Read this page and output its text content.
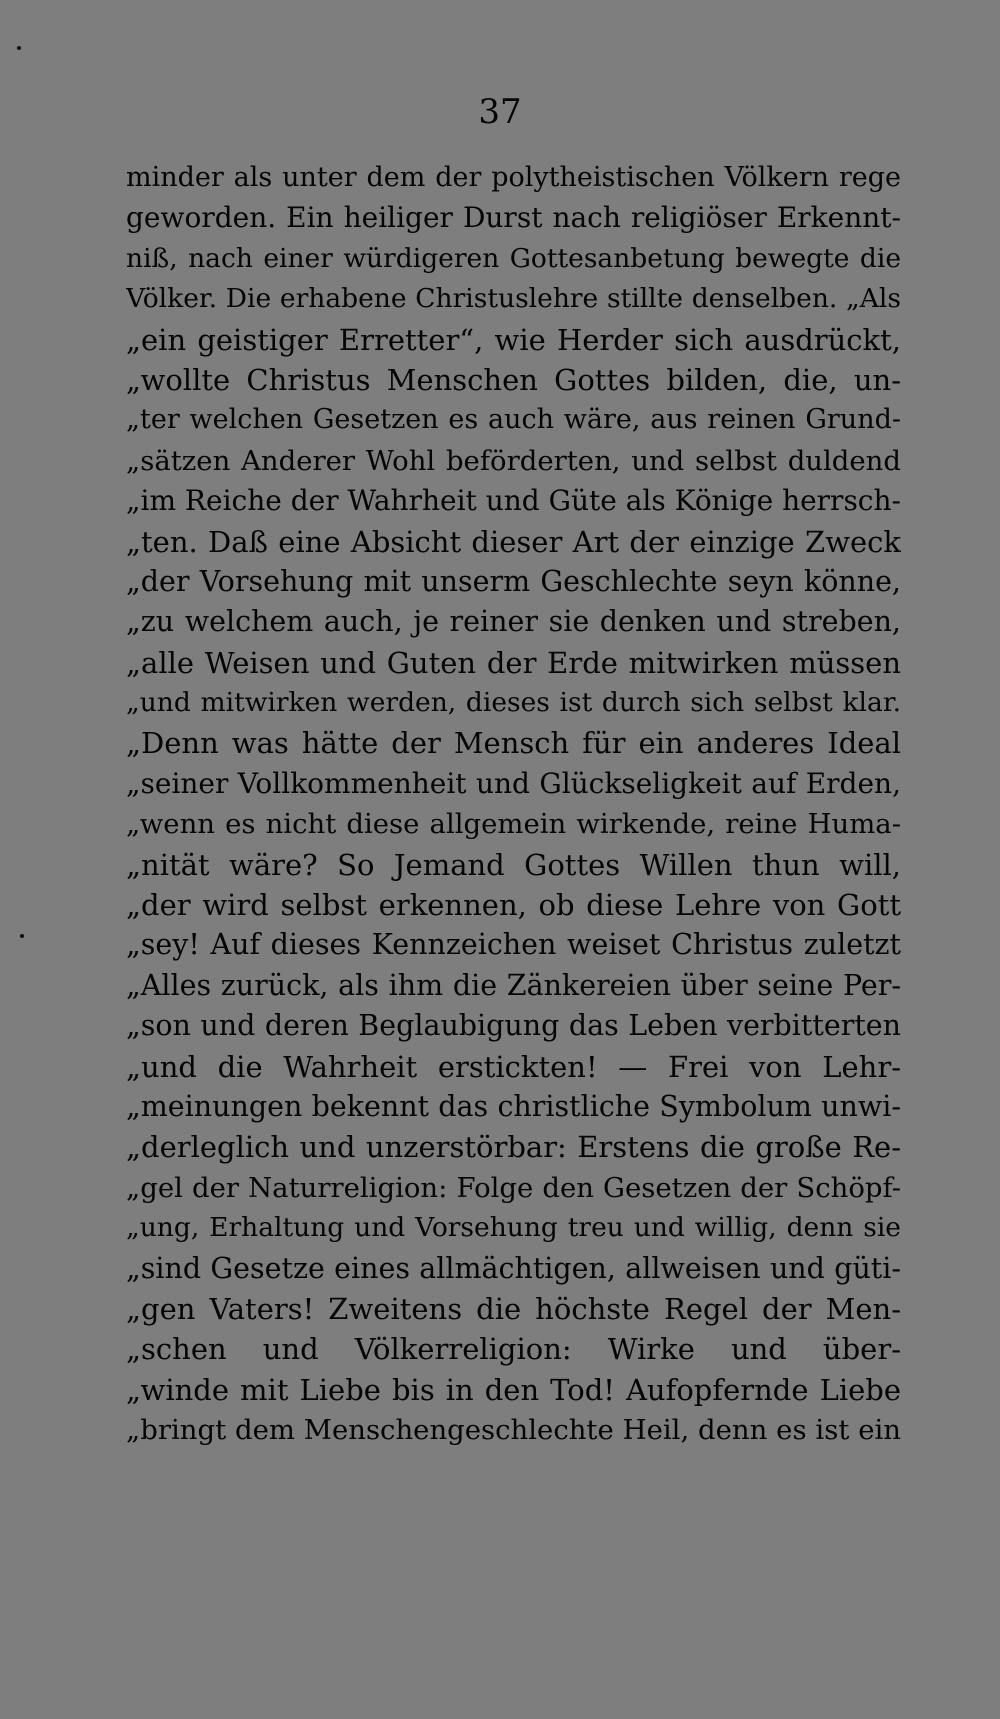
37
minder als unter dem der polytheistischen Völkern rege
geworden. Ein heiliger Durst nach religiöser Erkennt-
niß, nach einer würdigeren Gottesanbetung bewegte die
Völker. Die erhabene Christuslehre stillte denselben. „Als
„ein geistiger Erretter“, wie Herder sich ausdrückt,
„wollte Christus Menschen Gottes bilden, die, un-
„ter welchen Gesetzen es auch wäre, aus reinen Grund-
„sätzen Anderer Wohl beförderten, und selbst duldend
„im Reiche der Wahrheit und Güte als Könige herrsch-
„ten. Daß eine Absicht dieser Art der einzige Zweck
„der Vorsehung mit unserm Geschlechte seyn könne,
„zu welchem auch, je reiner sie denken und streben,
„alle Weisen und Guten der Erde mitwirken müssen
„und mitwirken werden, dieses ist durch sich selbst klar.
„Denn was hätte der Mensch für ein anderes Ideal
„seiner Vollkommenheit und Glückseligkeit auf Erden,
„wenn es nicht diese allgemein wirkende, reine Huma-
„nität wäre? So Jemand Gottes Willen thun will,
„der wird selbst erkennen, ob diese Lehre von Gott
„sey! Auf dieses Kennzeichen weiset Christus zuletzt
„Alles zurück, als ihm die Zänkereien über seine Per-
„son und deren Beglaubigung das Leben verbitterten
„und die Wahrheit erstickten! — Frei von Lehr-
„meinungen bekennt das christliche Symbolum unwi-
„derleglich und unzerstörbar: Erstens die große Re-
„gel der Naturreligion: Folge den Gesetzen der Schöpf-
„ung, Erhaltung und Vorsehung treu und willig, denn sie
„sind Gesetze eines allmächtigen, allweisen und güti-
„gen Vaters! Zweitens die höchste Regel der Men-
„schen und Völkerreligion: Wirke und über-
„winde mit Liebe bis in den Tod! Aufopfernde Liebe
„bringt dem Menschengeschlechte Heil, denn es ist ein
